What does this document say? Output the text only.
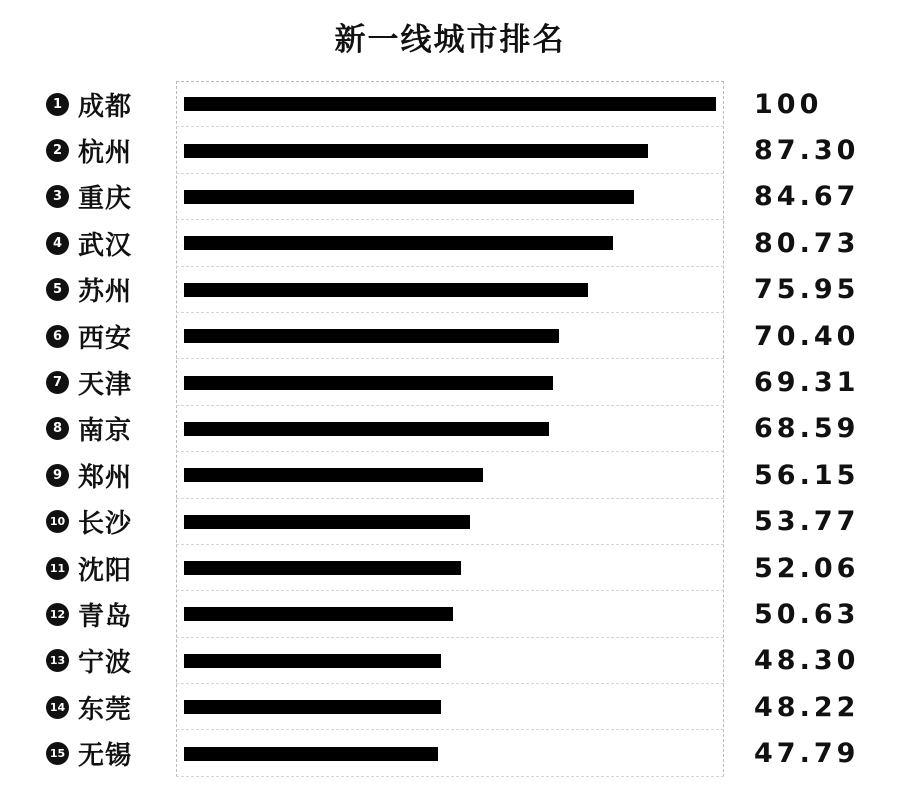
新一线城市排名
1 成都	100
2 杭州	87.30
3 重庆	84.67
4 武汉	80.73
5 苏州	75.95
6 西安	70.40
7 天津	69.31
8 南京	68.59
9 郑州	56.15
10 长沙	53.77
11 沈阳	52.06
12 青岛	50.63
13 宁波	48.30
14 东莞	48.22
15 无锡	47.79
